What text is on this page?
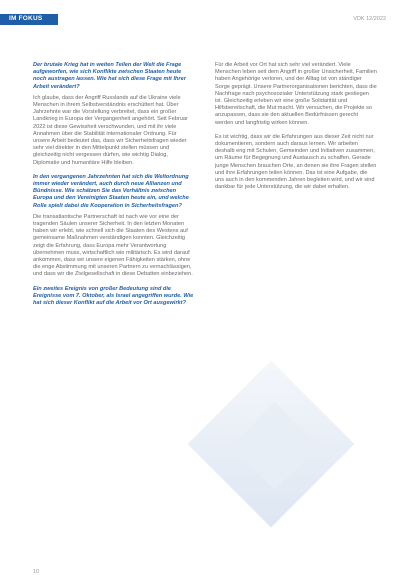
IM FOKUS	VDK 12/2022

Der brutale Krieg hat in weiten Teilen der Welt die Frage aufgeworfen, wie sich Konflikte zwischen Staaten heute noch austragen lassen. Wie hat sich diese Frage mit Ihrer Arbeit verändert?

Ich glaube, dass der Angriff Russlands auf die Ukraine viele Menschen in ihrem Selbstverständnis erschüttert hat. Über Jahrzehnte war die Vorstellung verbreitet, dass ein großer Landkrieg in Europa der Vergangenheit angehört. Seit Februar 2022 ist diese Gewissheit verschwunden, und mit ihr viele Annahmen über die Stabilität internationaler Ordnung. Für unsere Arbeit bedeutet das, dass wir Sicherheitsfragen wieder sehr viel direkter in den Mittelpunkt stellen müssen und gleichzeitig nicht vergessen dürfen, wie wichtig Dialog, Diplomatie und humanitäre Hilfe bleiben.

In den vergangenen Jahrzehnten hat sich die Weltordnung immer wieder verändert, auch durch neue Allianzen und Bündnisse. Wie schätzen Sie das Verhältnis zwischen Europa und den Vereinigten Staaten heute ein, und welche Rolle spielt dabei die Kooperation in Sicherheitsfragen?

Die transatlantische Partnerschaft ist nach wie vor eine der tragenden Säulen unserer Sicherheit. In den letzten Monaten haben wir erlebt, wie schnell sich die Staaten des Westens auf gemeinsame Maßnahmen verständigen konnten. Gleichzeitig zeigt die Erfahrung, dass Europa mehr Verantwortung übernehmen muss, wirtschaftlich wie militärisch. Es wird darauf ankommen, dass wir unsere eigenen Fähigkeiten stärken, ohne die enge Abstimmung mit unseren Partnern zu vernachlässigen, und dass wir die Zivilgesellschaft in diese Debatten einbeziehen.

Ein zweites Ereignis von großer Bedeutung sind die Ereignisse vom 7. Oktober, als Israel angegriffen wurde. Wie hat sich dieser Konflikt auf die Arbeit vor Ort ausgewirkt?

Für die Arbeit vor Ort hat sich sehr viel verändert. Viele Menschen leben seit dem Angriff in großer Unsicherheit, Familien haben Angehörige verloren, und der Alltag ist von ständiger Sorge geprägt. Unsere Partnerorganisationen berichten, dass die Nachfrage nach psychosozialer Unterstützung stark gestiegen ist. Gleichzeitig erleben wir eine große Solidarität und Hilfsbereitschaft, die Mut macht. Wir versuchen, die Projekte so anzupassen, dass sie den aktuellen Bedürfnissen gerecht werden und langfristig wirken können.

Es ist wichtig, dass wir die Erfahrungen aus dieser Zeit nicht nur dokumentieren, sondern auch daraus lernen. Wir arbeiten deshalb eng mit Schulen, Gemeinden und Initiativen zusammen, um Räume für Begegnung und Austausch zu schaffen. Gerade junge Menschen brauchen Orte, an denen sie ihre Fragen stellen und ihre Erfahrungen teilen können. Das ist eine Aufgabe, die uns auch in den kommenden Jahren begleiten wird, und wir sind dankbar für jede Unterstützung, die wir dabei erhalten.

10
